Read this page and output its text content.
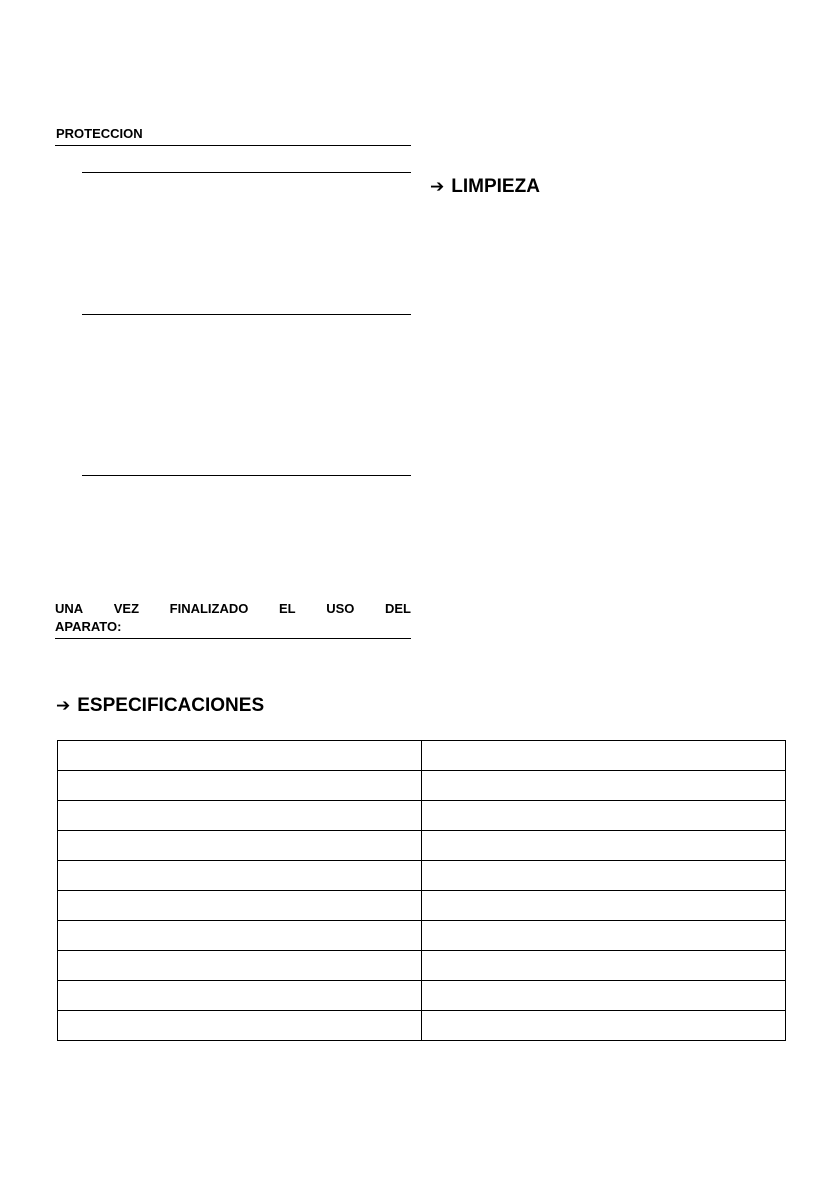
PROTECCION
UNA VEZ FINALIZADO EL USO DEL
APARATO:
➔ LIMPIEZA
➔ ESPECIFICACIONES
